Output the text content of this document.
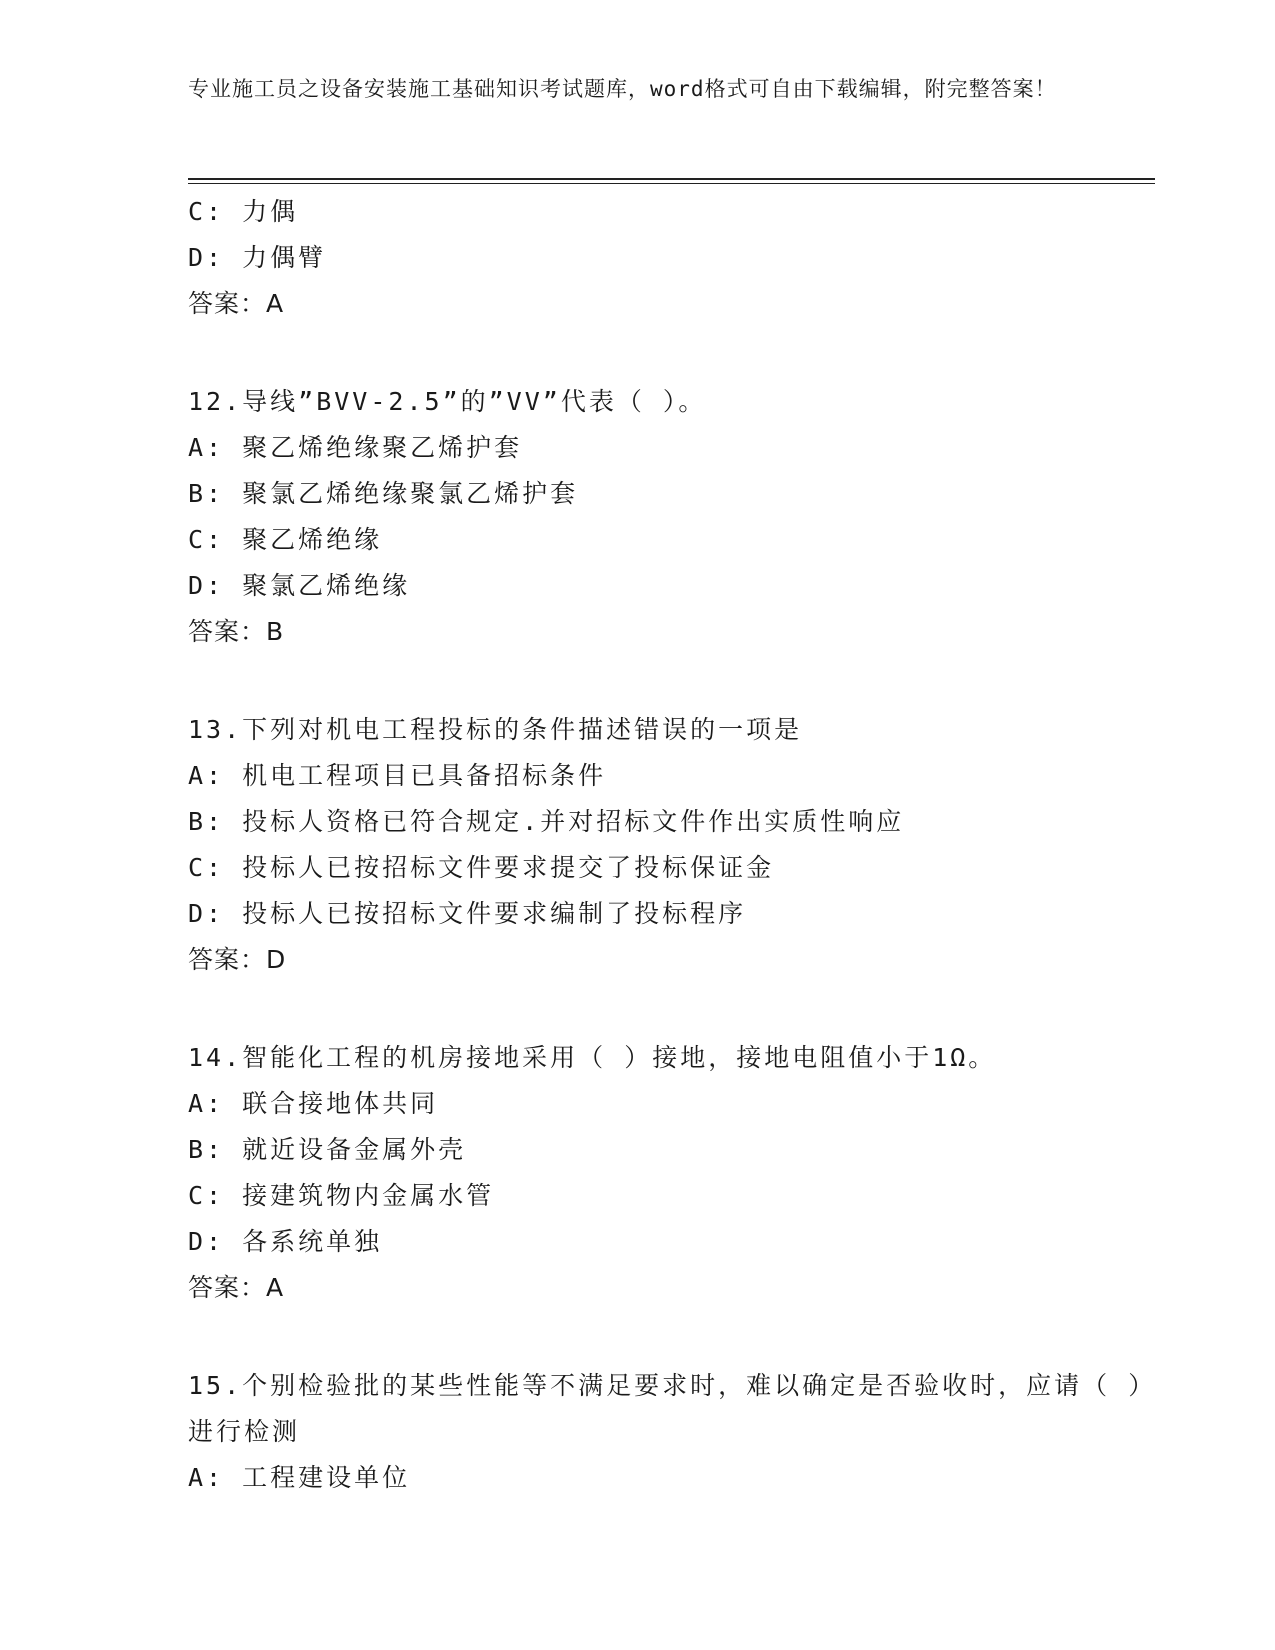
专业施工员之设备安装施工基础知识考试题库，word格式可自由下载编辑，附完整答案！
C: 力偶
D: 力偶臂
答案：A
12.导线”BVV-2.5”的”VV”代表（ ）。
A: 聚乙烯绝缘聚乙烯护套
B: 聚氯乙烯绝缘聚氯乙烯护套
C: 聚乙烯绝缘
D: 聚氯乙烯绝缘
答案：B
13.下列对机电工程投标的条件描述错误的一项是
A: 机电工程项目已具备招标条件
B: 投标人资格已符合规定.并对招标文件作出实质性响应
C: 投标人已按招标文件要求提交了投标保证金
D: 投标人已按招标文件要求编制了投标程序
答案：D
14.智能化工程的机房接地采用（ ）接地，接地电阻值小于1Ω。
A: 联合接地体共同
B: 就近设备金属外壳
C: 接建筑物内金属水管
D: 各系统单独
答案：A
15.个别检验批的某些性能等不满足要求时，难以确定是否验收时，应请（ ）进行检测
A: 工程建设单位
